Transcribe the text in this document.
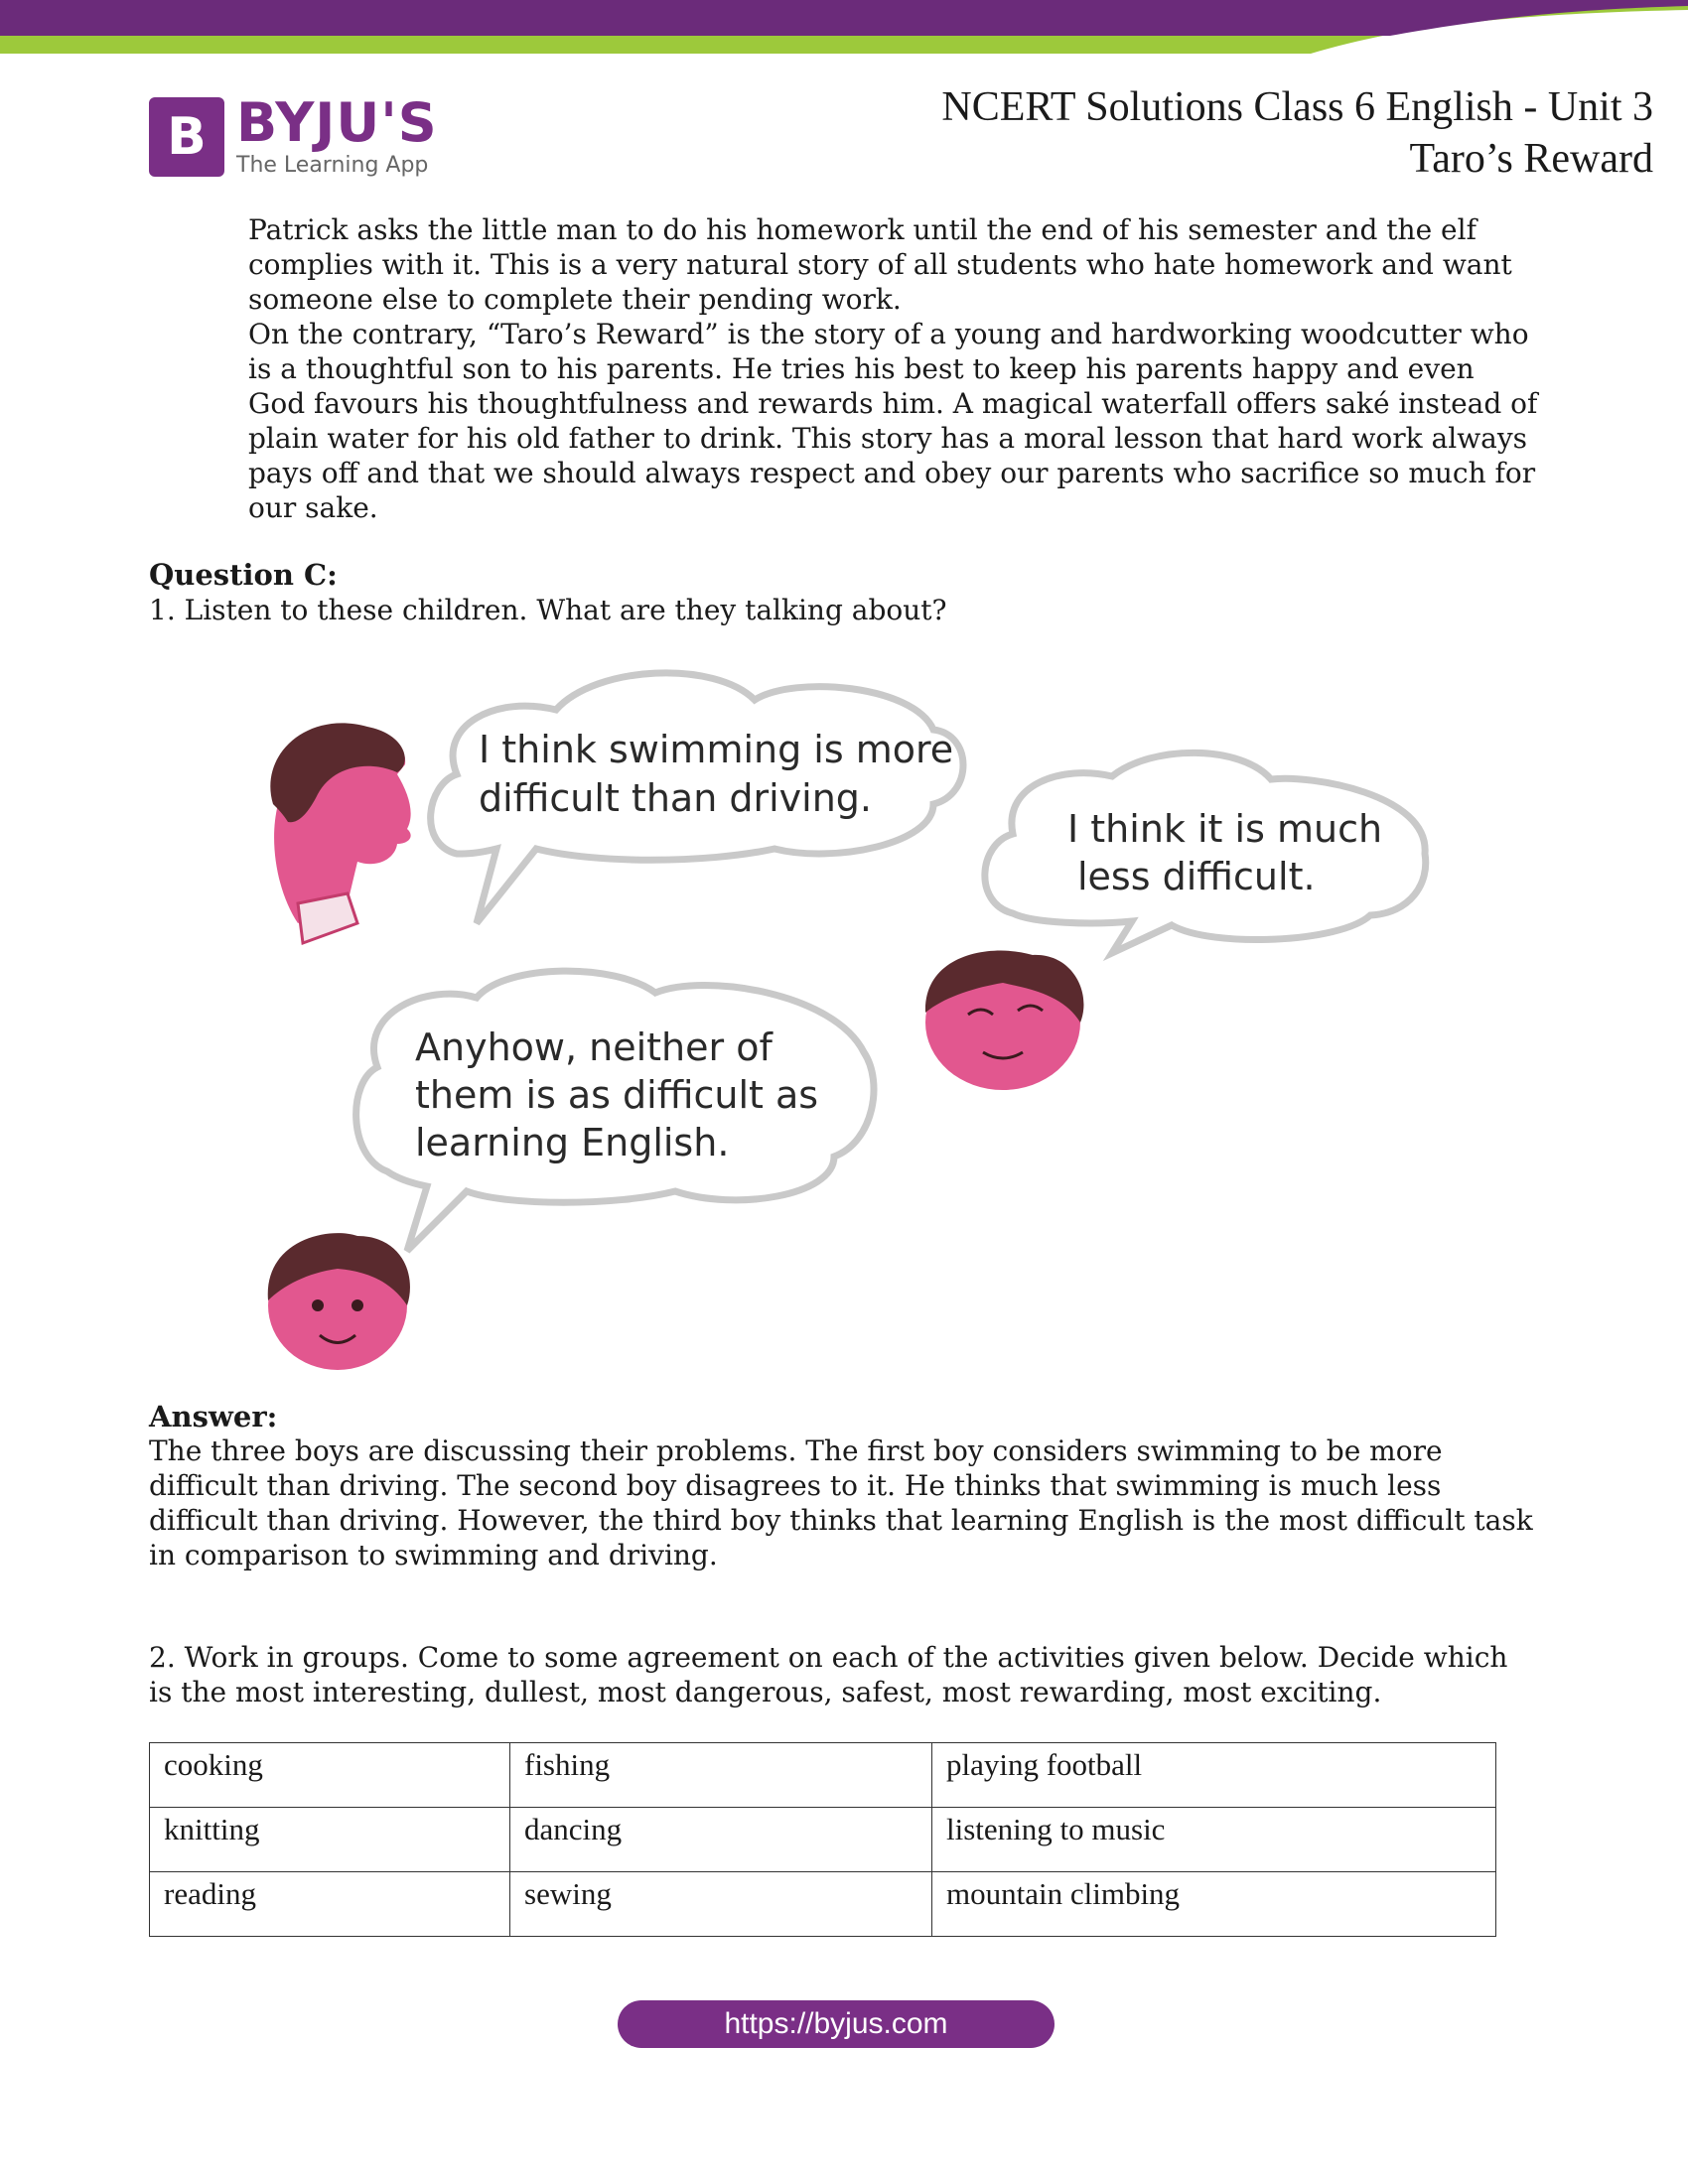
B BYJU'S
The Learning App
NCERT Solutions Class 6 English - Unit 3
Taro’s Reward

Patrick asks the little man to do his homework until the end of his semester and the elf complies with it. This is a very natural story of all students who hate homework and want someone else to complete their pending work.

On the contrary, “Taro’s Reward” is the story of a young and hardworking woodcutter who is a thoughtful son to his parents. He tries his best to keep his parents happy and even God favours his thoughtfulness and rewards him. A magical waterfall offers saké instead of plain water for his old father to drink. This story has a moral lesson that hard work always pays off and that we should always respect and obey our parents who sacrifice so much for our sake.

Question C:
1. Listen to these children. What are they talking about?
I think swimming is more
difficult than driving.
I think it is much
less difficult.
Anyhow, neither of
them is as difficult as
learning English.
Answer:

The three boys are discussing their problems. The first boy considers swimming to be more difficult than driving. The second boy disagrees to it. He thinks that swimming is much less difficult than driving. However, the third boy thinks that learning English is the most difficult task in comparison to swimming and driving.

2. Work in groups. Come to some agreement on each of the activities given below. Decide which is the most interesting, dullest, most dangerous, safest, most rewarding, most exciting.

cooking	fishing	playing football
knitting	dancing	listening to music
reading	sewing	mountain climbing
https://byjus.com
